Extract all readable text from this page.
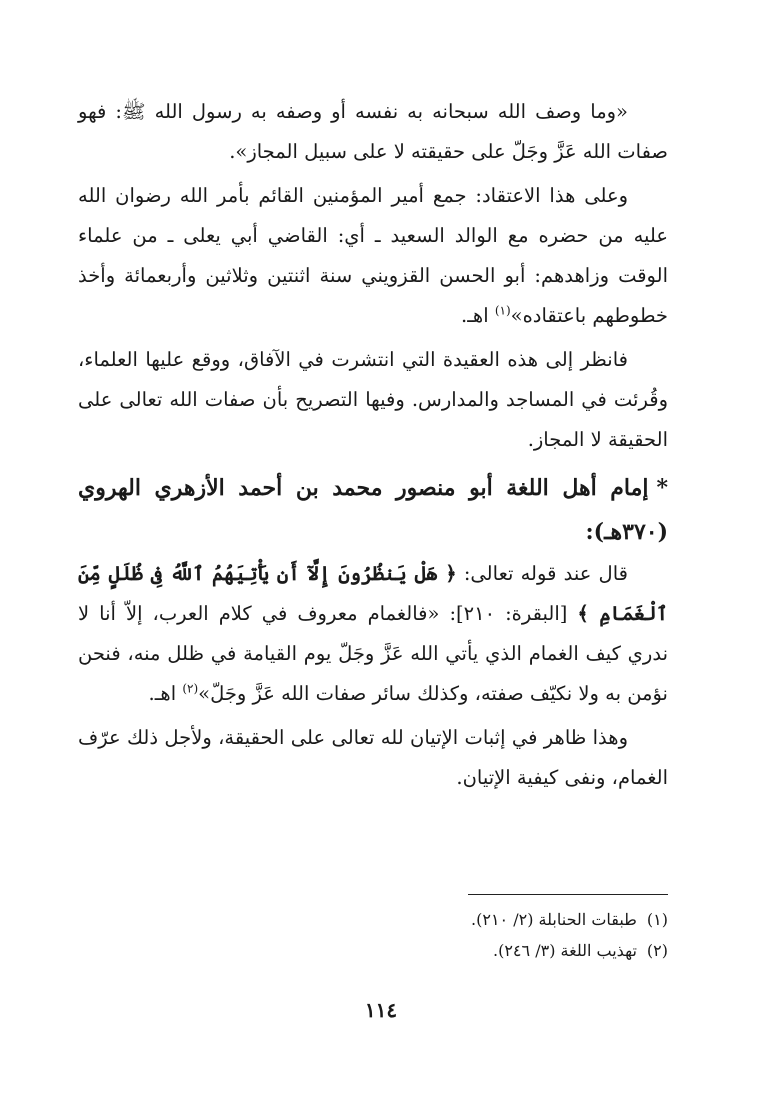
«وما وصف الله سبحانه به نفسه أو وصفه به رسول الله ﷺ: فهو صفات الله عَزَّ وجَلّ على حقيقته لا على سبيل المجاز».

وعلى هذا الاعتقاد: جمع أمير المؤمنين القائم بأمر الله رضوان الله عليه من حضره مع الوالد السعيد ـ أي: القاضي أبي يعلى ـ من علماء الوقت وزاهدهم: أبو الحسن القزويني سنة اثنتين وثلاثين وأربعمائة وأخذ خطوطهم باعتقاده»$^{(١)}$ اهـ.

فانظر إلى هذه العقيدة التي انتشرت في الآفاق، ووقع عليها العلماء، وقُرئت في المساجد والمدارس. وفيها التصريح بأن صفات الله تعالى على الحقيقة لا المجاز.

*إمام أهل اللغة أبو منصور محمد بن أحمد الأزهري الهروي (٣٧٠هـ):

قال عند قوله تعالى: ﴿ هَلْ يَنظُرُونَ إِلَّآ أَن يَأْتِيَهُمُ ٱللَّهُ فِى ظُلَلٍ مِّنَ ٱلْغَمَامِ ﴾ [البقرة: ٢١٠]: «فالغمام معروف في كلام العرب، إلاّ أنا لا ندري كيف الغمام الذي يأتي الله عَزَّ وجَلّ يوم القيامة في ظلل منه، فنحن نؤمن به ولا نكيّف صفته، وكذلك سائر صفات الله عَزَّ وجَلّ»$^{(٢)}$ اهـ.

وهذا ظاهر في إثبات الإتيان لله تعالى على الحقيقة، ولأجل ذلك عرّف الغمام، ونفى كيفية الإتيان.

(١)طبقات الحنابلة (٢/ ٢١٠).
(٢)تهذيب اللغة (٣/ ٢٤٦).
١١٤
